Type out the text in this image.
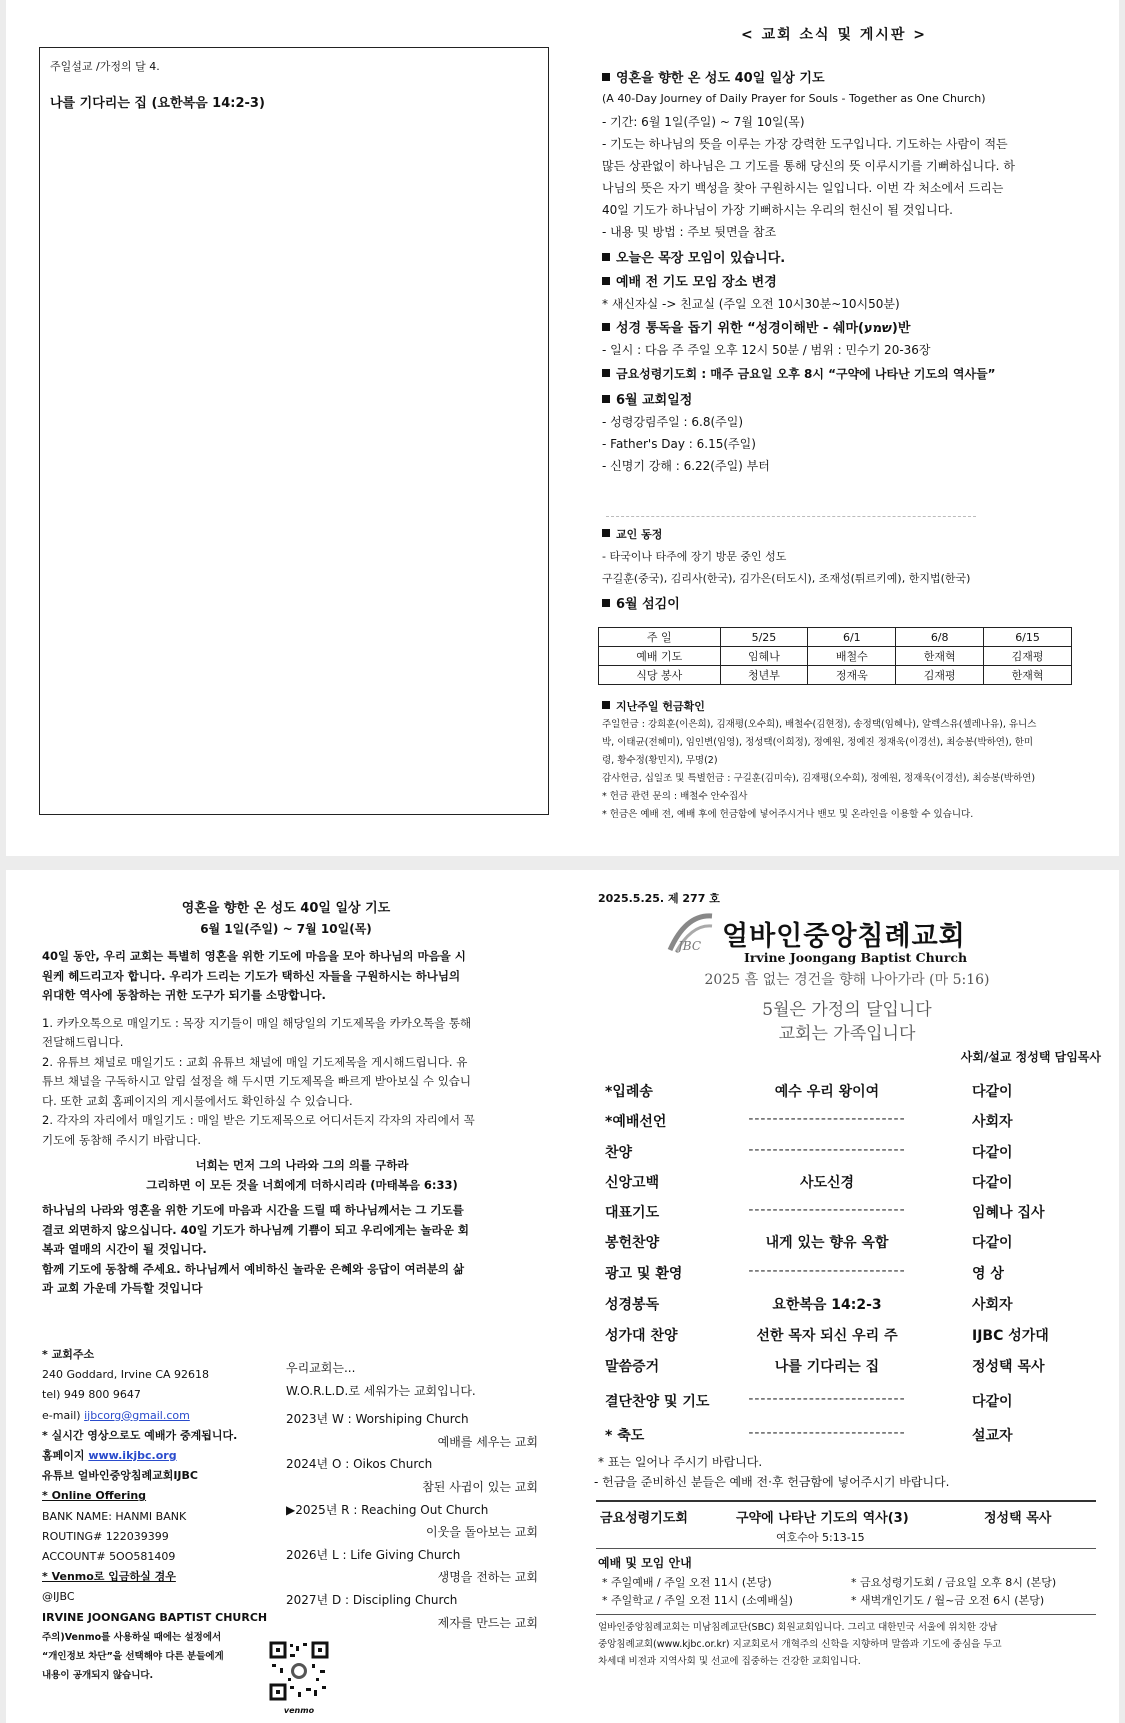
주일설교 /가정의 달 4.
나를 기다리는 집 (요한복음 14:2-3)
< 교회 소식 및 게시판 >
영혼을 향한 온 성도 40일 일상 기도
(A 40-Day Journey of Daily Prayer for Souls - Together as One Church)
- 기간: 6월 1일(주일) ~ 7월 10일(목)
- 기도는 하나님의 뜻을 이루는 가장 강력한 도구입니다. 기도하는 사람이 적든
많든 상관없이 하나님은 그 기도를 통해 당신의 뜻 이루시기를 기뻐하십니다. 하
나님의 뜻은 자기 백성을 찾아 구원하시는 일입니다. 이번 각 처소에서 드리는
40일 기도가 하나님이 가장 기뻐하시는 우리의 헌신이 될 것입니다.
- 내용 및 방법 : 주보 뒷면을 참조
오늘은 목장 모임이 있습니다.
예배 전 기도 모임 장소 변경
* 새신자실 -> 친교실 (주일 오전 10시30분~10시50분)
성경 통독을 돕기 위한 “성경이해반 - 쉐마(שמע)반
- 일시 : 다음 주 주일 오후 12시 50분 / 범위 : 민수기 20-36장
금요성령기도회 : 매주 금요일 오후 8시 “구약에 나타난 기도의 역사들”
6월 교회일정
- 성령강림주일 : 6.8(주일)
- Father's Day : 6.15(주일)
- 신명기 강해 : 6.22(주일) 부터
교인 동정
- 타국이나 타주에 장기 방문 중인 성도
구길훈(중국), 김리사(한국), 김가은(터도시), 조재성(튀르키예), 한지법(한국)
6월 섬김이
주 일	5/25	6/1	6/8	6/15
예배 기도	임혜나	배철수	한재혁	김재평
식당 봉사	청년부	정재욱	김재평	한재혁
지난주일 헌금확인
주일헌금 : 강희훈(이은희), 김재평(오수희), 배철수(김현정), 송정택(임혜나), 알렉스유(셀레나유), 유니스
박, 이태균(전혜미), 임인변(임영), 정성택(이희정), 정예원, 정예진 정재욱(이경선), 최승봉(박하연), 한미
령, 황수정(황민지), 무명(2)
감사헌금, 십일조 및 특별헌금 : 구길훈(김미숙), 김재평(오수희), 정예원, 정재욱(이경선), 최승봉(박하연)
* 헌금 관련 문의 : 배철수 안수집사
* 헌금은 예배 전, 예배 후에 헌금함에 넣어주시거나 밴모 및 온라인을 이용할 수 있습니다.
영혼을 향한 온 성도 40일 일상 기도
6월 1일(주일) ~ 7월 10일(목)
40일 동안, 우리 교회는 특별히 영혼을 위한 기도에 마음을 모아 하나님의 마음을 시
원케 헤드리고자 합니다. 우리가 드리는 기도가 택하신 자들을 구원하시는 하나님의
위대한 역사에 동참하는 귀한 도구가 되기를 소망합니다.
1. 카카오톡으로 매일기도 : 목장 지기들이 매일 해당일의 기도제목을 카카오톡을 통해
전달해드립니다.
2. 유튜브 채널로 매일기도 : 교회 유튜브 채널에 매일 기도제목을 게시해드립니다. 유
튜브 채널을 구독하시고 알림 설정을 해 두시면 기도제목을 빠르게 받아보실 수 있습니
다. 또한 교회 홈페이지의 게시물에서도 확인하실 수 있습니다.
2. 각자의 자리에서 매일기도 : 매일 받은 기도제목으로 어디서든지 각자의 자리에서 꼭
기도에 동참해 주시기 바랍니다.
너희는 먼저 그의 나라와 그의 의를 구하라
그리하면 이 모든 것을 너희에게 더하시리라 (마태복음 6:33)
하나님의 나라와 영혼을 위한 기도에 마음과 시간을 드릴 때 하나님께서는 그 기도를
결코 외면하지 않으십니다. 40일 기도가 하나님께 기쁨이 되고 우리에게는 놀라운 회
복과 열매의 시간이 될 것입니다.
함께 기도에 동참해 주세요. 하나님께서 예비하신 놀라운 은혜와 응답이 여러분의 삶
과 교회 가운데 가득할 것입니다
* 교회주소
240 Goddard, Irvine CA 92618
tel) 949 800 9647
e-mail) ijbcorg@gmail.com
* 실시간 영상으로도 예배가 중계됩니다.
홈페이지 www.ikjbc.org
유튜브 얼바인중앙침례교회IJBC
* Online Offering
BANK NAME: HANMI BANK
ROUTING# 122039399
ACCOUNT# 5OO581409
* Venmo로 입금하실 경우
@IJBC
IRVINE JOONGANG BAPTIST CHURCH
주의)Venmo를 사용하실 때에는 설정에서
“개인정보 차단”을 선택해야 다른 분들에게
내용이 공개되지 않습니다.
venmo
우리교회는...
W.O.R.L.D.로 세워가는 교회입니다.
2023년 W : Worshiping Church
예배를 세우는 교회
2024년 O : Oikos Church
참된 사귐이 있는 교회
▶2025년 R : Reaching Out Church
이웃을 돌아보는 교회
2026년 L : Life Giving Church
생명을 전하는 교회
2027년 D : Discipling Church
제자를 만드는 교회
2025.5.25. 제 277 호
JBC 얼바인중앙침례교회
Irvine Joongang Baptist Church
2025 흠 없는 경건을 향해 나아가라 (마 5:16)
5월은 가정의 달입니다
교회는 가족입니다
사회/설교 정성택 담임목사
*입례송	예수 우리 왕이여	다같이
*예배선언	--------------------------	사회자
찬양	--------------------------	다같이
신앙고백	사도신경	다같이
대표기도	--------------------------	임혜나 집사
봉헌찬양	내게 있는 향유 옥합	다같이
광고 및 환영	--------------------------	영 상
성경봉독	요한복음 14:2-3	사회자
성가대 찬양	선한 목자 되신 우리 주	IJBC 성가대
말씀증거	나를 기다리는 집	정성택 목사
결단찬양 및 기도	--------------------------	다같이
* 축도	--------------------------	설교자
* 표는 일어나 주시기 바랍니다.
- 헌금을 준비하신 분들은 예배 전·후 헌금함에 넣어주시기 바랍니다.
금요성령기도회	구약에 나타난 기도의 역사(3)	정성택 목사
여호수아 5:13-15
예배 및 모임 안내
* 주일예배 / 주일 오전 11시 (본당)	* 금요성령기도회 / 금요일 오후 8시 (본당)
* 주일학교 / 주일 오전 11시 (소예배실)	* 새벽개인기도 / 월~금 오전 6시 (본당)
얼바인중앙침례교회는 미남침례교단(SBC) 회원교회입니다. 그리고 대한민국 서울에 위치한 강남
중앙침례교회(www.kjbc.or.kr) 지교회로서 개혁주의 신학을 지향하며 말씀과 기도에 중심을 두고
차세대 비전과 지역사회 및 선교에 집중하는 건강한 교회입니다.
